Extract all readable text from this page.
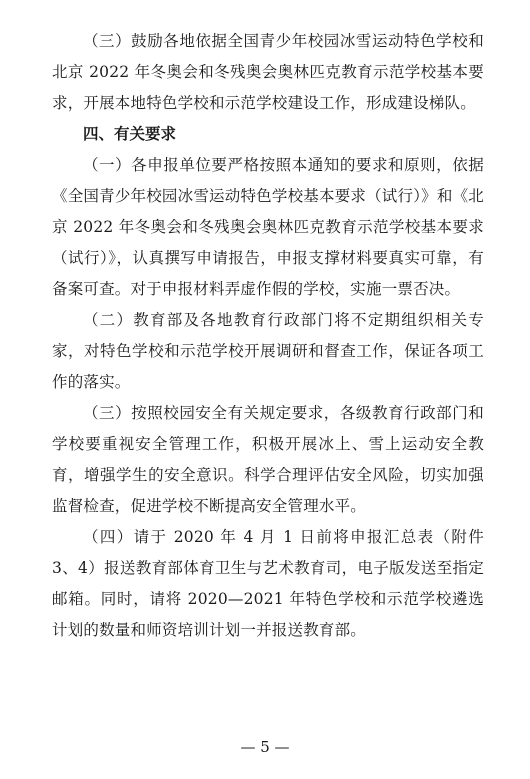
（三）鼓励各地依据全国青少年校园冰雪运动特色学校和北京 2022 年冬奥会和冬残奥会奥林匹克教育示范学校基本要求，开展本地特色学校和示范学校建设工作，形成建设梯队。

四、有关要求

（一）各申报单位要严格按照本通知的要求和原则，依据《全国青少年校园冰雪运动特色学校基本要求（试行）》和《北京 2022 年冬奥会和冬残奥会奥林匹克教育示范学校基本要求（试行）》，认真撰写申请报告，申报支撑材料要真实可靠，有备案可查。对于申报材料弄虚作假的学校，实施一票否决。

（二）教育部及各地教育行政部门将不定期组织相关专家，对特色学校和示范学校开展调研和督查工作，保证各项工作的落实。

（三）按照校园安全有关规定要求，各级教育行政部门和学校要重视安全管理工作，积极开展冰上、雪上运动安全教育，增强学生的安全意识。科学合理评估安全风险，切实加强监督检查，促进学校不断提高安全管理水平。

（四）请于 2020 年 4 月 1 日前将申报汇总表（附件 3、4）报送教育部体育卫生与艺术教育司，电子版发送至指定邮箱。同时，请将 2020—2021 年特色学校和示范学校遴选计划的数量和师资培训计划一并报送教育部。

— 5 —
